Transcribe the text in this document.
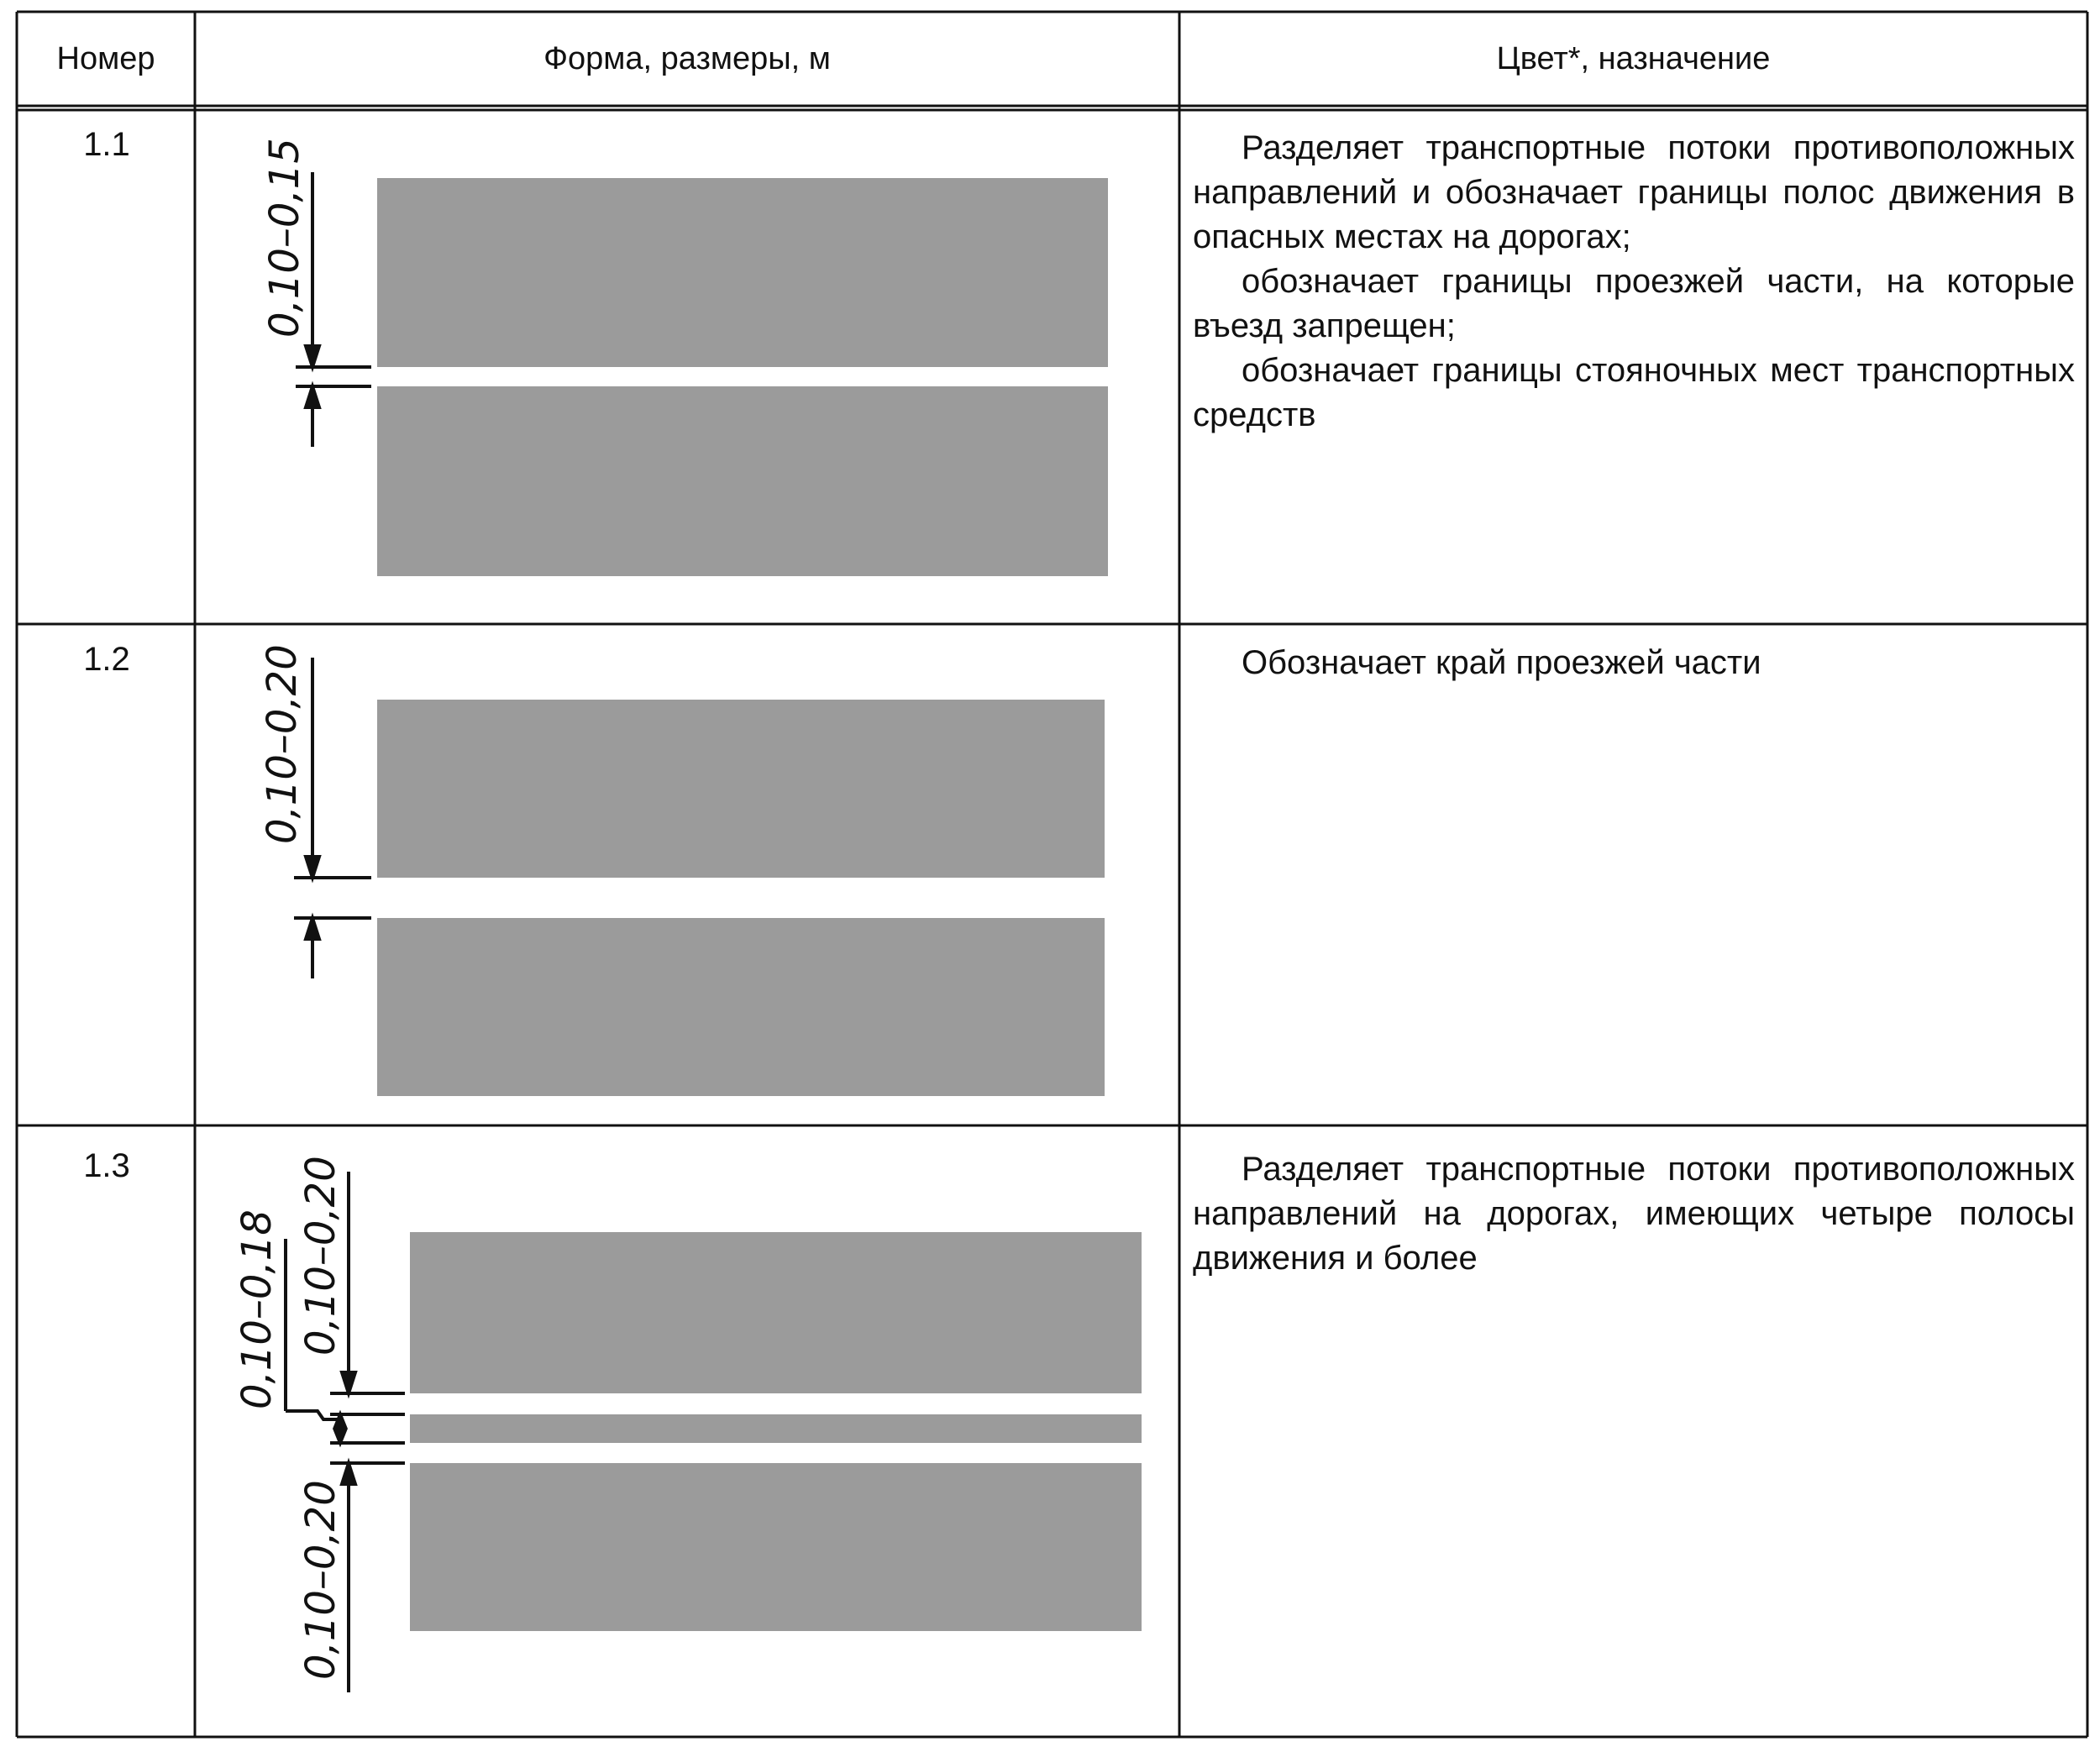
0,10–0,15
0,10–0,20
0,10–0,18 0,10–0,20
0,10–0,20
Номер	Форма, размеры, м	Цвет*, назначение
1.1
1.2
1.3

Разделяет транспортные потоки противоположных направлений и обозначает границы полос движения в опасных местах на дорогах;

обозначает границы проезжей части, на которые въезд запрещен;

обозначает границы стояночных мест транспортных средств

Обозначает край проезжей части

Разделяет транспортные потоки противоположных направлений на дорогах, имеющих четыре полосы движения и более
